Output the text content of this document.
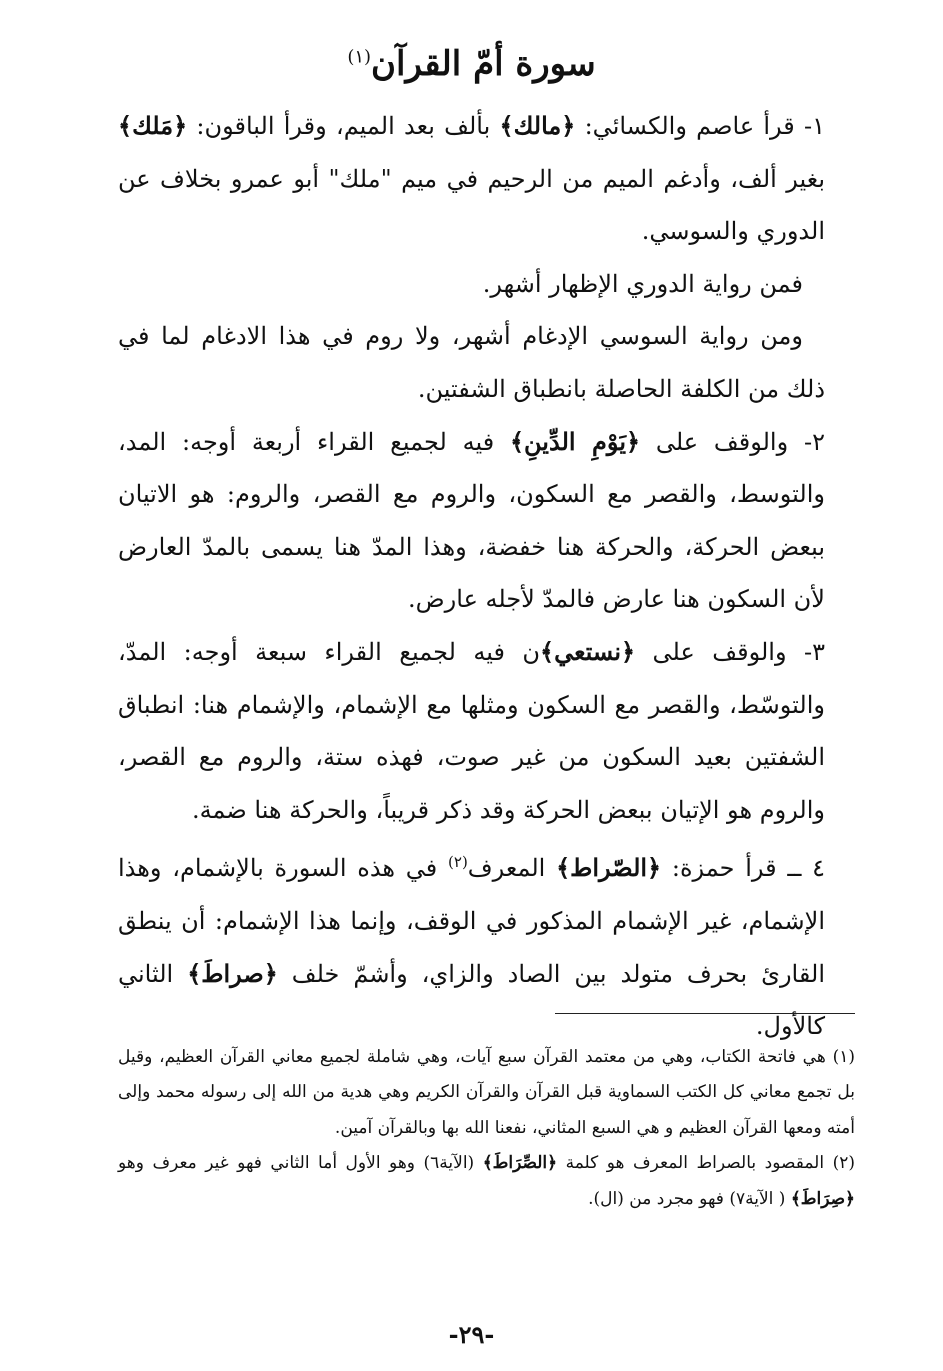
سورة أمّ القرآن$^{(١)}$

١- قرأ عاصم والكسائي: ﴿مالك﴾ بألف بعد الميم، وقرأ الباقون: ﴿مَلك﴾ بغير ألف، وأدغم الميم من الرحيم في ميم "ملك" أبو عمرو بخلاف عن الدوري والسوسي.

فمن رواية الدوري الإظهار أشهر.

ومن رواية السوسي الإدغام أشهر، ولا روم في هذا الادغام لما في ذلك من الكلفة الحاصلة بانطباق الشفتين.

٢- والوقف على ﴿يَوْمِ الدِّينِ﴾ فيه لجميع القراء أربعة أوجه: المد، والتوسط، والقصر مع السكون، والروم مع القصر، والروم: هو الاتيان ببعض الحركة، والحركة هنا خفضة، وهذا المدّ هنا يسمى بالمدّ العارض لأن السكون هنا عارض فالمدّ لأجله عارض.

٣- والوقف على ﴿نستعي﴾ن فيه لجميع القراء سبعة أوجه: المدّ، والتوسّط، والقصر مع السكون ومثلها مع الإشمام، والإشمام هنا: انطباق الشفتين بعيد السكون من غير صوت، فهذه ستة، والروم مع القصر، والروم هو الإتيان ببعض الحركة وقد ذكر قريباً، والحركة هنا ضمة.

٤ ــ قرأ حمزة: ﴿الصّراط﴾ المعرف$^{(٢)}$ في هذه السورة بالإشمام، وهذا الإشمام، غير الإشمام المذكور في الوقف، وإنما هذا الإشمام: أن ينطق القارئ بحرف متولد بين الصاد والزاي، وأشمّ خلف ﴿صراطَ﴾ الثاني كالأول.

(١) هي فاتحة الكتاب، وهي من معتمد القرآن سبع آيات، وهي شاملة لجميع معاني القرآن العظيم، وقيل بل تجمع معاني كل الكتب السماوية قبل القرآن والقرآن الكريم وهي هدية من الله إلى رسوله محمد وإلى أمته ومعها القرآن العظيم و هي السبع المثاني، نفعنا الله بها وبالقرآن آمين.

(٢) المقصود بالصراط المعرف هو كلمة ﴿الصِّرَاطَ﴾ (الآية٦) وهو الأول أما الثاني فهو غير معرف وهو ﴿صِرَاطَ﴾ ( الآية٧) فهو مجرد من (ال).

-٢٩-
